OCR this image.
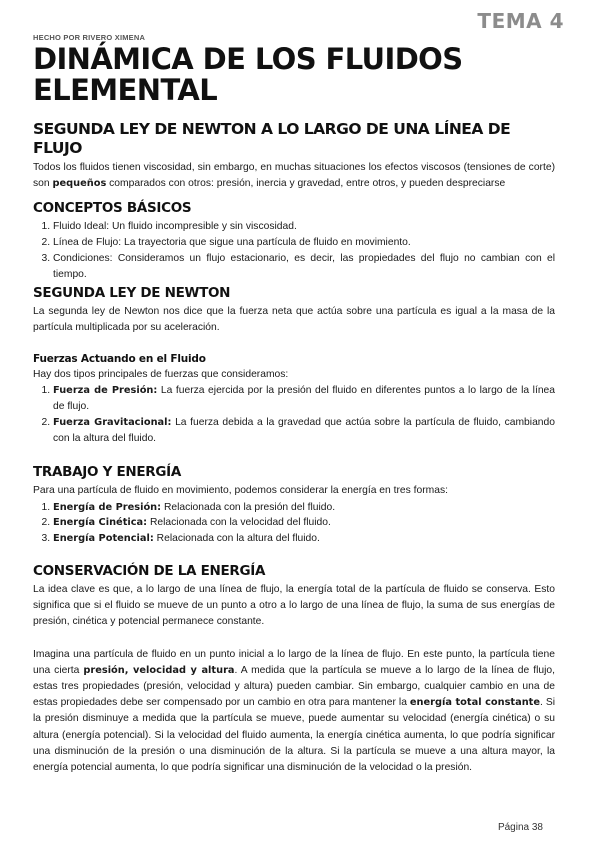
TEMA 4
HECHO POR RIVERO XIMENA
DINÁMICA DE LOS FLUIDOS
ELEMENTAL
SEGUNDA LEY DE NEWTON A LO LARGO DE UNA LÍNEA DE FLUJO

Todos los fluidos tienen viscosidad, sin embargo, en muchas situaciones los efectos viscosos (tensiones de corte) son pequeños comparados con otros: presión, inercia y gravedad, entre otros, y pueden despreciarse

CONCEPTOS BÁSICOS
1. Fluido Ideal: Un fluido incompresible y sin viscosidad.
2. Línea de Flujo: La trayectoria que sigue una partícula de fluido en movimiento.
3. Condiciones: Consideramos un flujo estacionario, es decir, las propiedades del flujo no cambian con el tiempo.
SEGUNDA LEY DE NEWTON

La segunda ley de Newton nos dice que la fuerza neta que actúa sobre una partícula es igual a la masa de la partícula multiplicada por su aceleración.

Fuerzas Actuando en el Fluido

Hay dos tipos principales de fuerzas que consideramos:

1. Fuerza de Presión: La fuerza ejercida por la presión del fluido en diferentes puntos a lo largo de la línea de flujo.
2. Fuerza Gravitacional: La fuerza debida a la gravedad que actúa sobre la partícula de fluido, cambiando con la altura del fluido.
TRABAJO Y ENERGÍA

Para una partícula de fluido en movimiento, podemos considerar la energía en tres formas:

1. Energía de Presión: Relacionada con la presión del fluido.
2. Energía Cinética: Relacionada con la velocidad del fluido.
3. Energía Potencial: Relacionada con la altura del fluido.
CONSERVACIÓN DE LA ENERGÍA

La idea clave es que, a lo largo de una línea de flujo, la energía total de la partícula de fluido se conserva. Esto significa que si el fluido se mueve de un punto a otro a lo largo de una línea de flujo, la suma de sus energías de presión, cinética y potencial permanece constante.

Imagina una partícula de fluido en un punto inicial a lo largo de la línea de flujo. En este punto, la partícula tiene una cierta presión, velocidad y altura. A medida que la partícula se mueve a lo largo de la línea de flujo, estas tres propiedades (presión, velocidad y altura) pueden cambiar. Sin embargo, cualquier cambio en una de estas propiedades debe ser compensado por un cambio en otra para mantener la energía total constante. Si la presión disminuye a medida que la partícula se mueve, puede aumentar su velocidad (energía cinética) o su altura (energía potencial). Si la velocidad del fluido aumenta, la energía cinética aumenta, lo que podría significar una disminución de la presión o una disminución de la altura. Si la partícula se mueve a una altura mayor, la energía potencial aumenta, lo que podría significar una disminución de la velocidad o la presión.

Página 38
